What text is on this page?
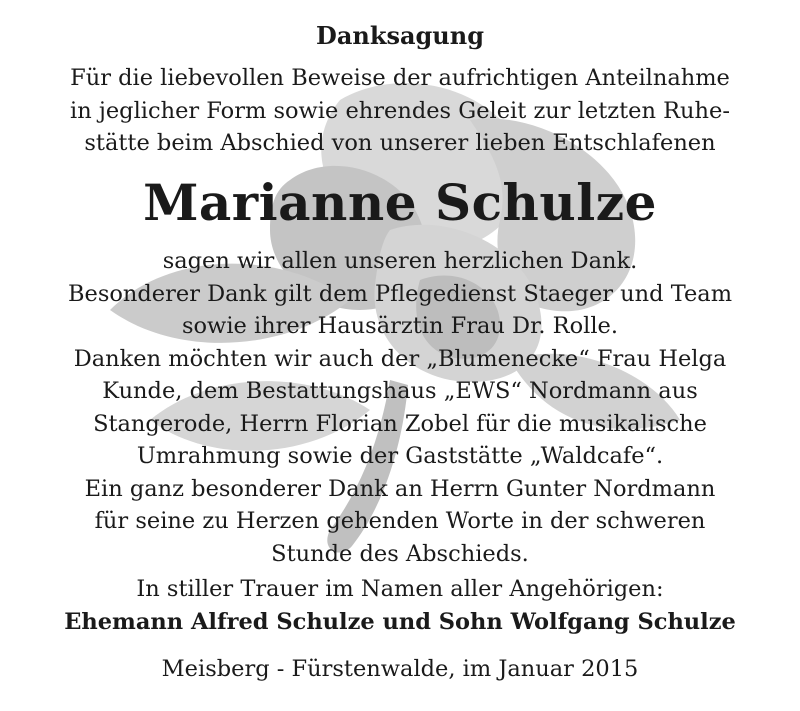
Danksagung
Für die liebevollen Beweise der aufrichtigen Anteilnahme
in jeglicher Form sowie ehrendes Geleit zur letzten Ruhe-
stätte beim Abschied von unserer lieben Entschlafenen
Marianne Schulze
sagen wir allen unseren herzlichen Dank.
Besonderer Dank gilt dem Pflegedienst Staeger und Team
sowie ihrer Hausärztin Frau Dr. Rolle.
Danken möchten wir auch der „Blumenecke“ Frau Helga
Kunde, dem Bestattungshaus „EWS“ Nordmann aus
Stangerode, Herrn Florian Zobel für die musikalische
Umrahmung sowie der Gaststätte „Waldcafe“.
Ein ganz besonderer Dank an Herrn Gunter Nordmann
für seine zu Herzen gehenden Worte in der schweren
Stunde des Abschieds.
In stiller Trauer im Namen aller Angehörigen:
Ehemann Alfred Schulze und Sohn Wolfgang Schulze
Meisberg - Fürstenwalde, im Januar 2015
